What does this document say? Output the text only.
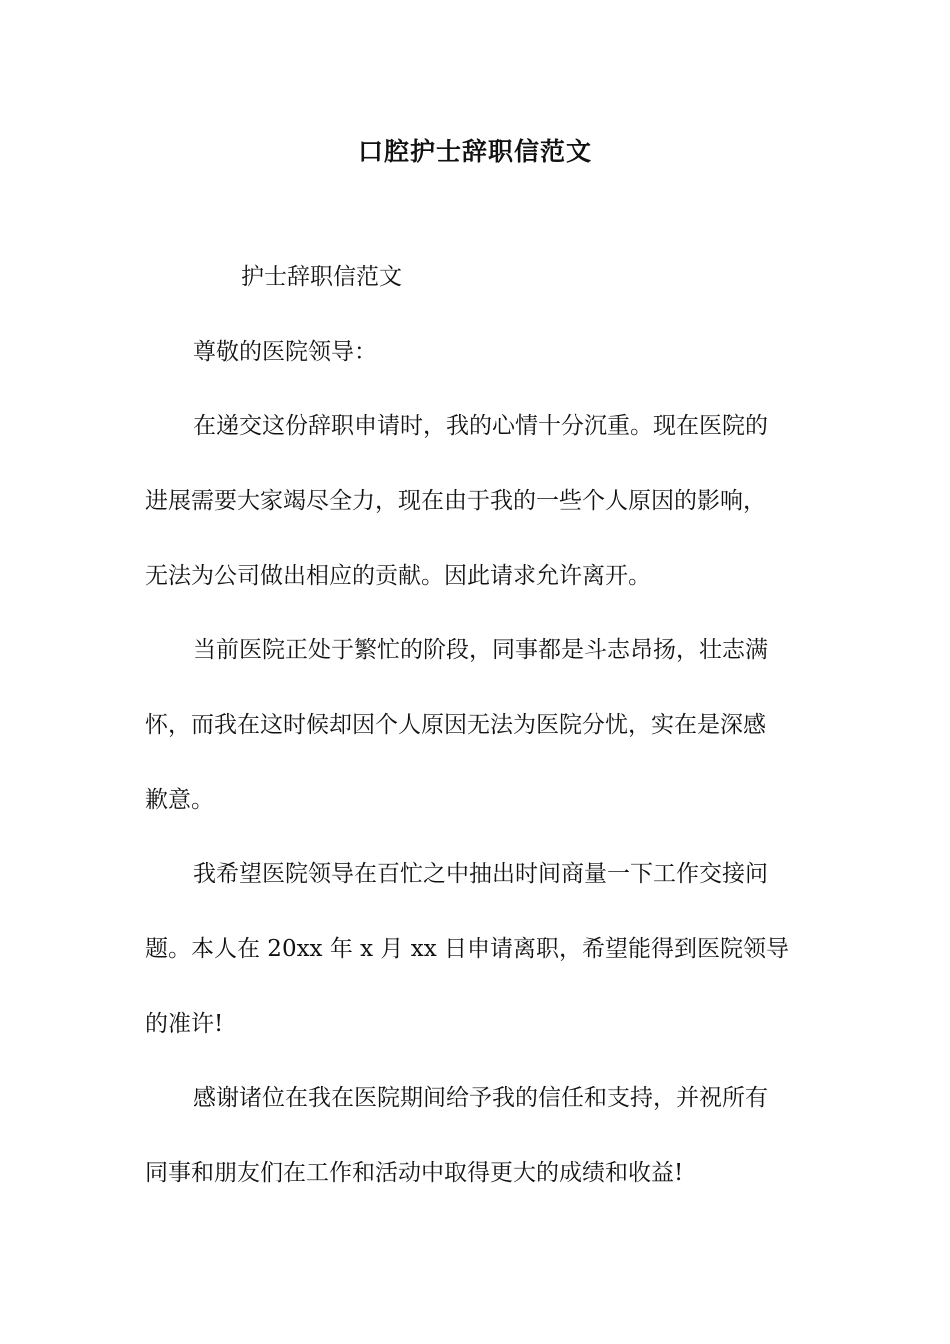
口腔护士辞职信范文
护士辞职信范文
尊敬的医院领导：
在递交这份辞职申请时，我的心情十分沉重。现在医院的
进展需要大家竭尽全力，现在由于我的一些个人原因的影响，
无法为公司做出相应的贡献。因此请求允许离开。
当前医院正处于繁忙的阶段，同事都是斗志昂扬，壮志满
怀，而我在这时候却因个人原因无法为医院分忧，实在是深感
歉意。
我希望医院领导在百忙之中抽出时间商量一下工作交接问
题。本人在 20xx 年 x 月 xx 日申请离职，希望能得到医院领导
的准许!
感谢诸位在我在医院期间给予我的信任和支持，并祝所有
同事和朋友们在工作和活动中取得更大的成绩和收益!
